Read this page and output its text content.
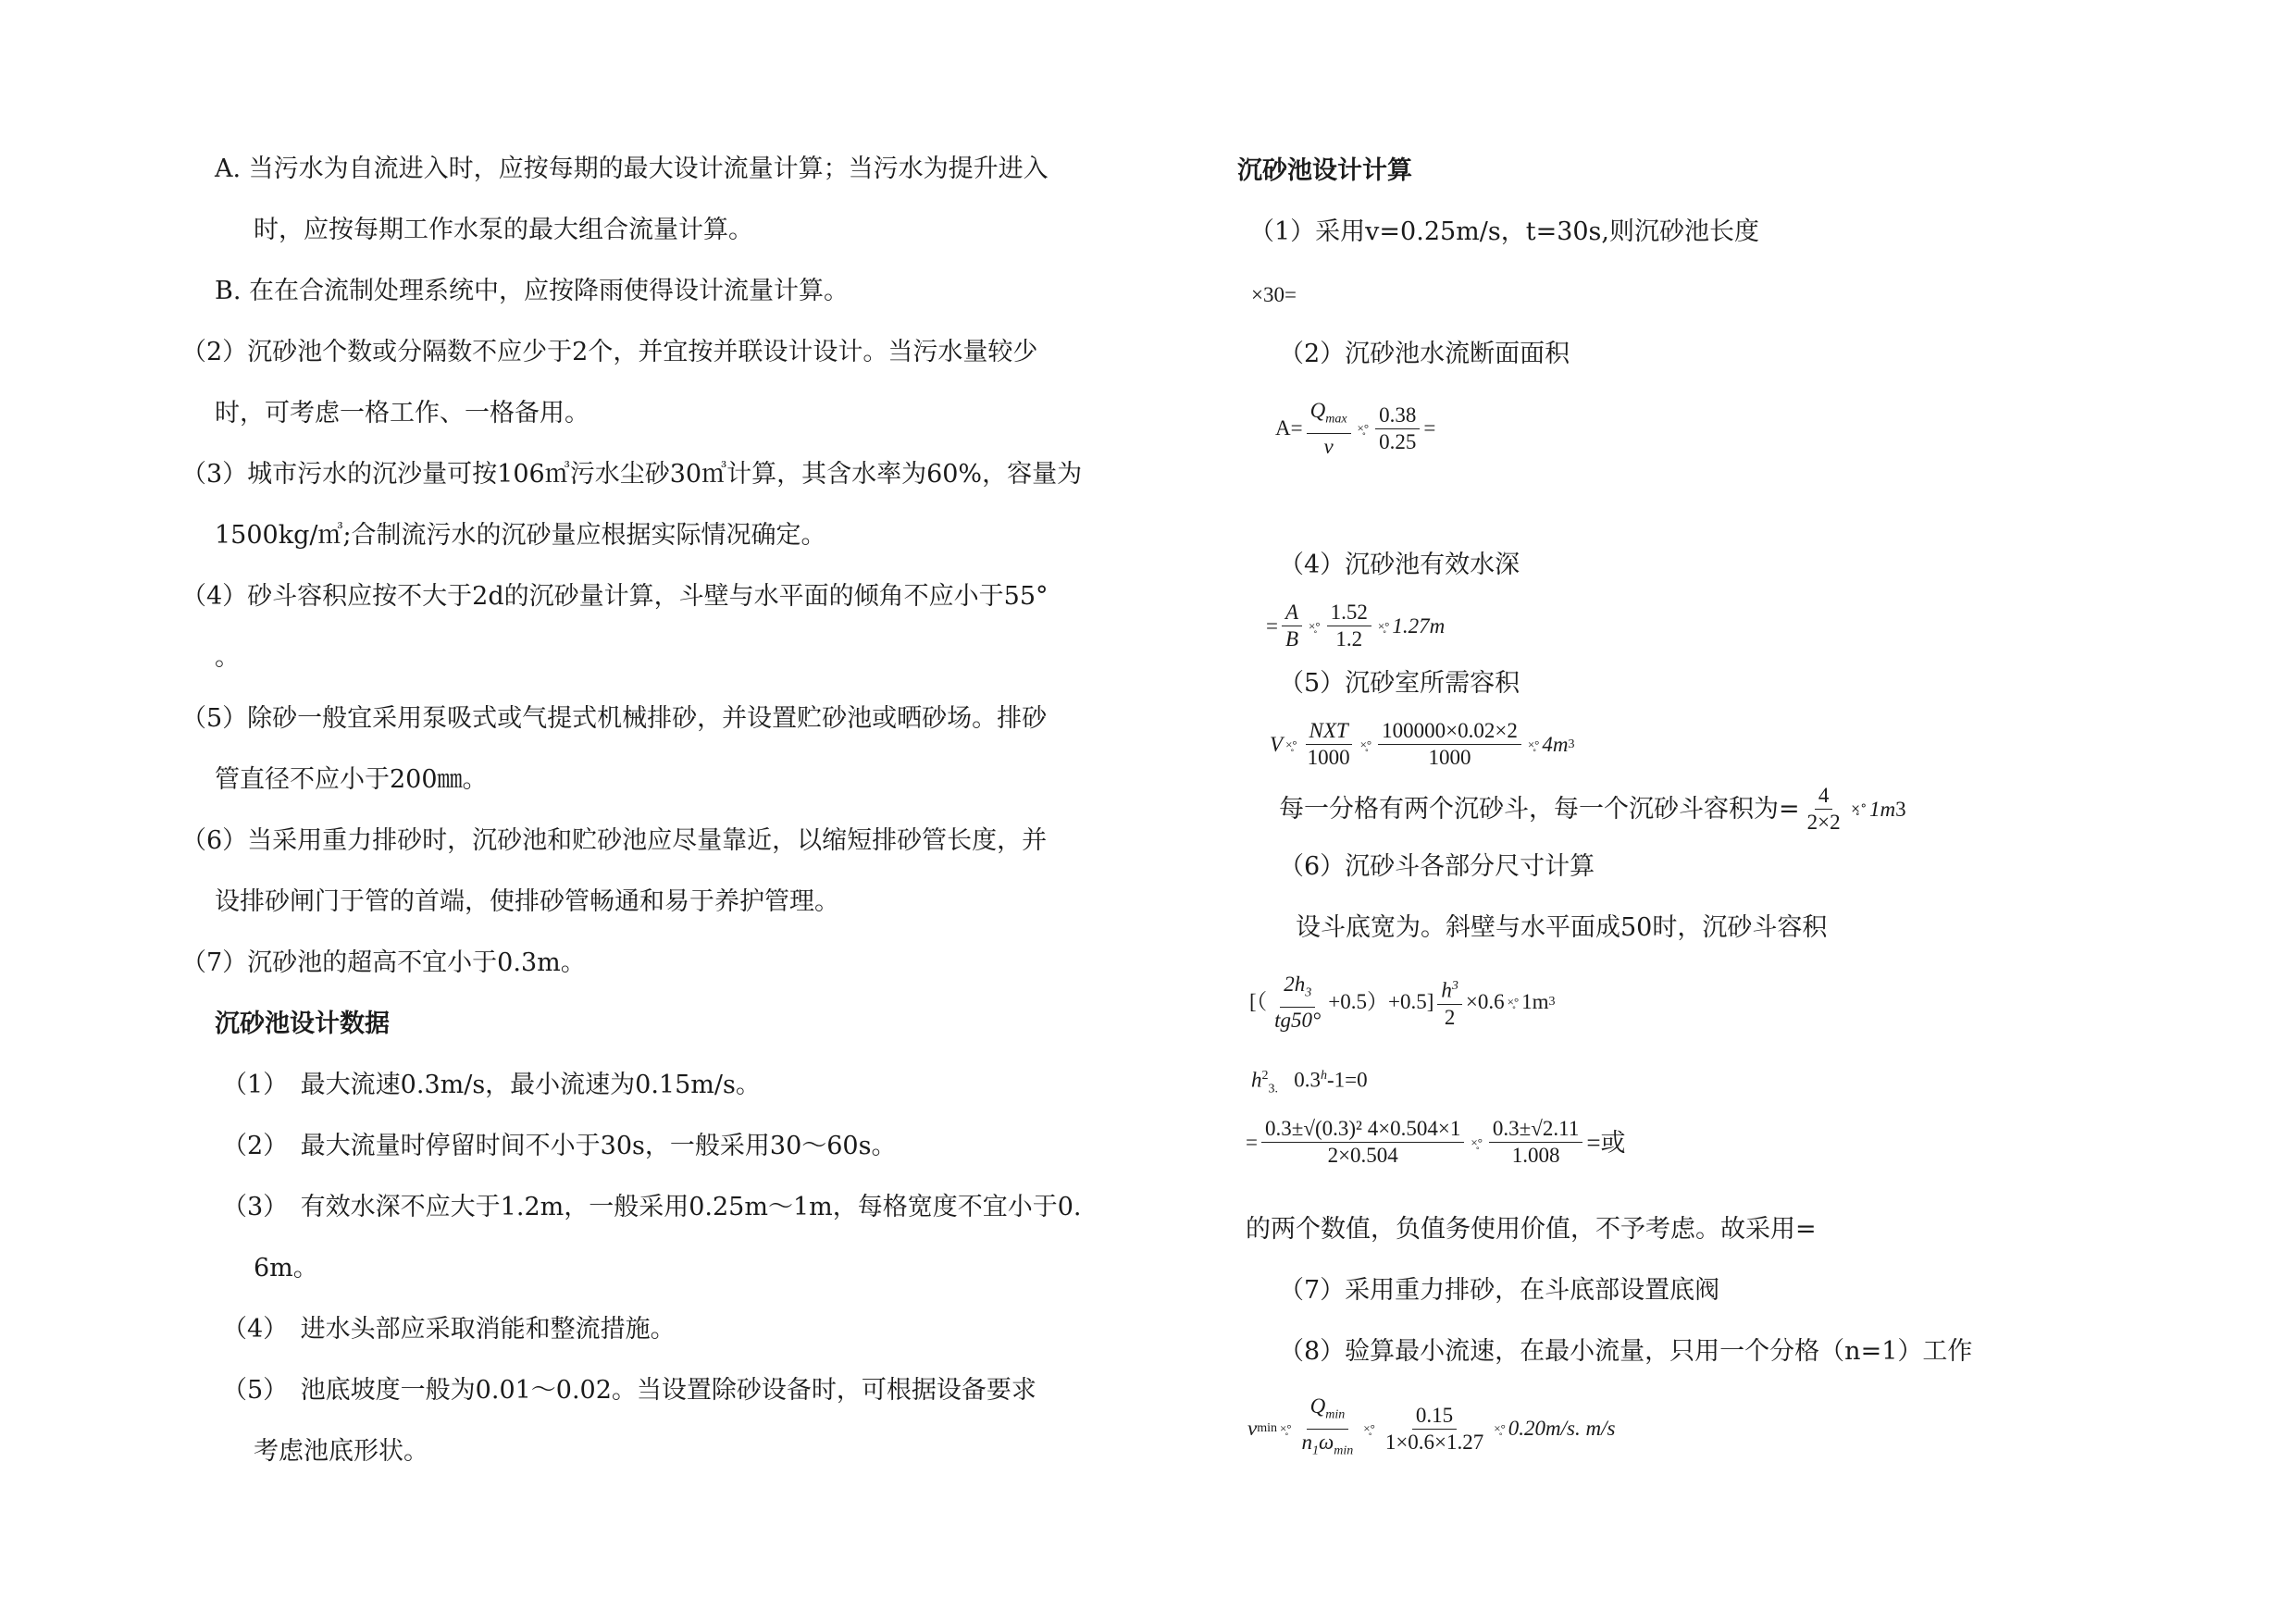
A. 当污水为自流进入时，应按每期的最大设计流量计算；当污水为提升进入
时，应按每期工作水泵的最大组合流量计算。
B. 在在合流制处理系统中，应按降雨使得设计流量计算。
（2）沉砂池个数或分隔数不应少于2个，并宜按并联设计设计。当污水量较少
时，可考虑一格工作、一格备用。
（3）城市污水的沉沙量可按106㎥污水尘砂30㎥计算，其含水率为60%，容量为
1500kg/㎥;合制流污水的沉砂量应根据实际情况确定。
（4）砂斗容积应按不大于2d的沉砂量计算，斗壁与水平面的倾角不应小于55°
。
（5）除砂一般宜采用泵吸式或气提式机械排砂，并设置贮砂池或晒砂场。排砂
管直径不应小于200㎜。
（6）当采用重力排砂时，沉砂池和贮砂池应尽量靠近，以缩短排砂管长度，并
设排砂闸门于管的首端，使排砂管畅通和易于养护管理。
（7）沉砂池的超高不宜小于0.3m。
沉砂池设计数据
（1）　最大流速0.3m/s，最小流速为0.15m/s。
（2）　最大流量时停留时间不小于30s，一般采用30～60s。
（3）　有效水深不应大于1.2m，一般采用0.25m～1m，每格宽度不宜小于0.
6m。
（4）　进水头部应采取消能和整流措施。
（5）　池底坡度一般为0.01～0.02。当设置除砂设备时，可根据设备要求
考虑池底形状。
沉砂池设计计算
（1）采用v=0.25m/s，t=30s,则沉砂池长度
×30=
（2）沉砂池水流断面面积
$A= \frac{Q_{max}}{v}$ ×̥° $\frac{0.38}{0.25}$ =
（4）沉砂池有效水深
= $\frac{A}{B}$ ×̥° $\frac{1.52}{1.2}$ ×̥° 1.27m
（5）沉砂室所需容积
V ×̥° $\frac{\text{NXT}}{1000}$ ×̥° $\frac{100000\times 0.02\times 2}{1000}$ ×̥° 4m 3
每一分格有两个沉砂斗，每一个沉砂斗容积为= $\frac{4}{2\times 2}$ ×̥° 1m 3
（6）沉砂斗各部分尺寸计算
设斗底宽为。斜壁与水平面成50时，沉砂斗容积
[（ $\frac{2h_3}{tg50^\circ} +0.5)+0.5] \frac{h^3}{2} \times 0.6$ ×̥° 1m 3
$h^2_{3.}$ 0.3$^h$-1=0
= $\frac{\text{0.3±√(0.3)² 4×0.504×1}}{2\times 0.504}$ ×̥° $\frac{0.3\pm√2.11}{1.008}$ =或
的两个数值，负值务使用价值，不予考虑。故采用=
（7）采用重力排砂，在斗底部设置底阀
（8）验算最小流速，在最小流量，只用一个分格（n=1）工作
v min ×̥° $\frac{Q_{min}}{n_1\omega_{min}}$ ×̥° $\frac{0.15}{1\times 0.6\times 1.27}$ ×̥° 0.20m/s. m/s
